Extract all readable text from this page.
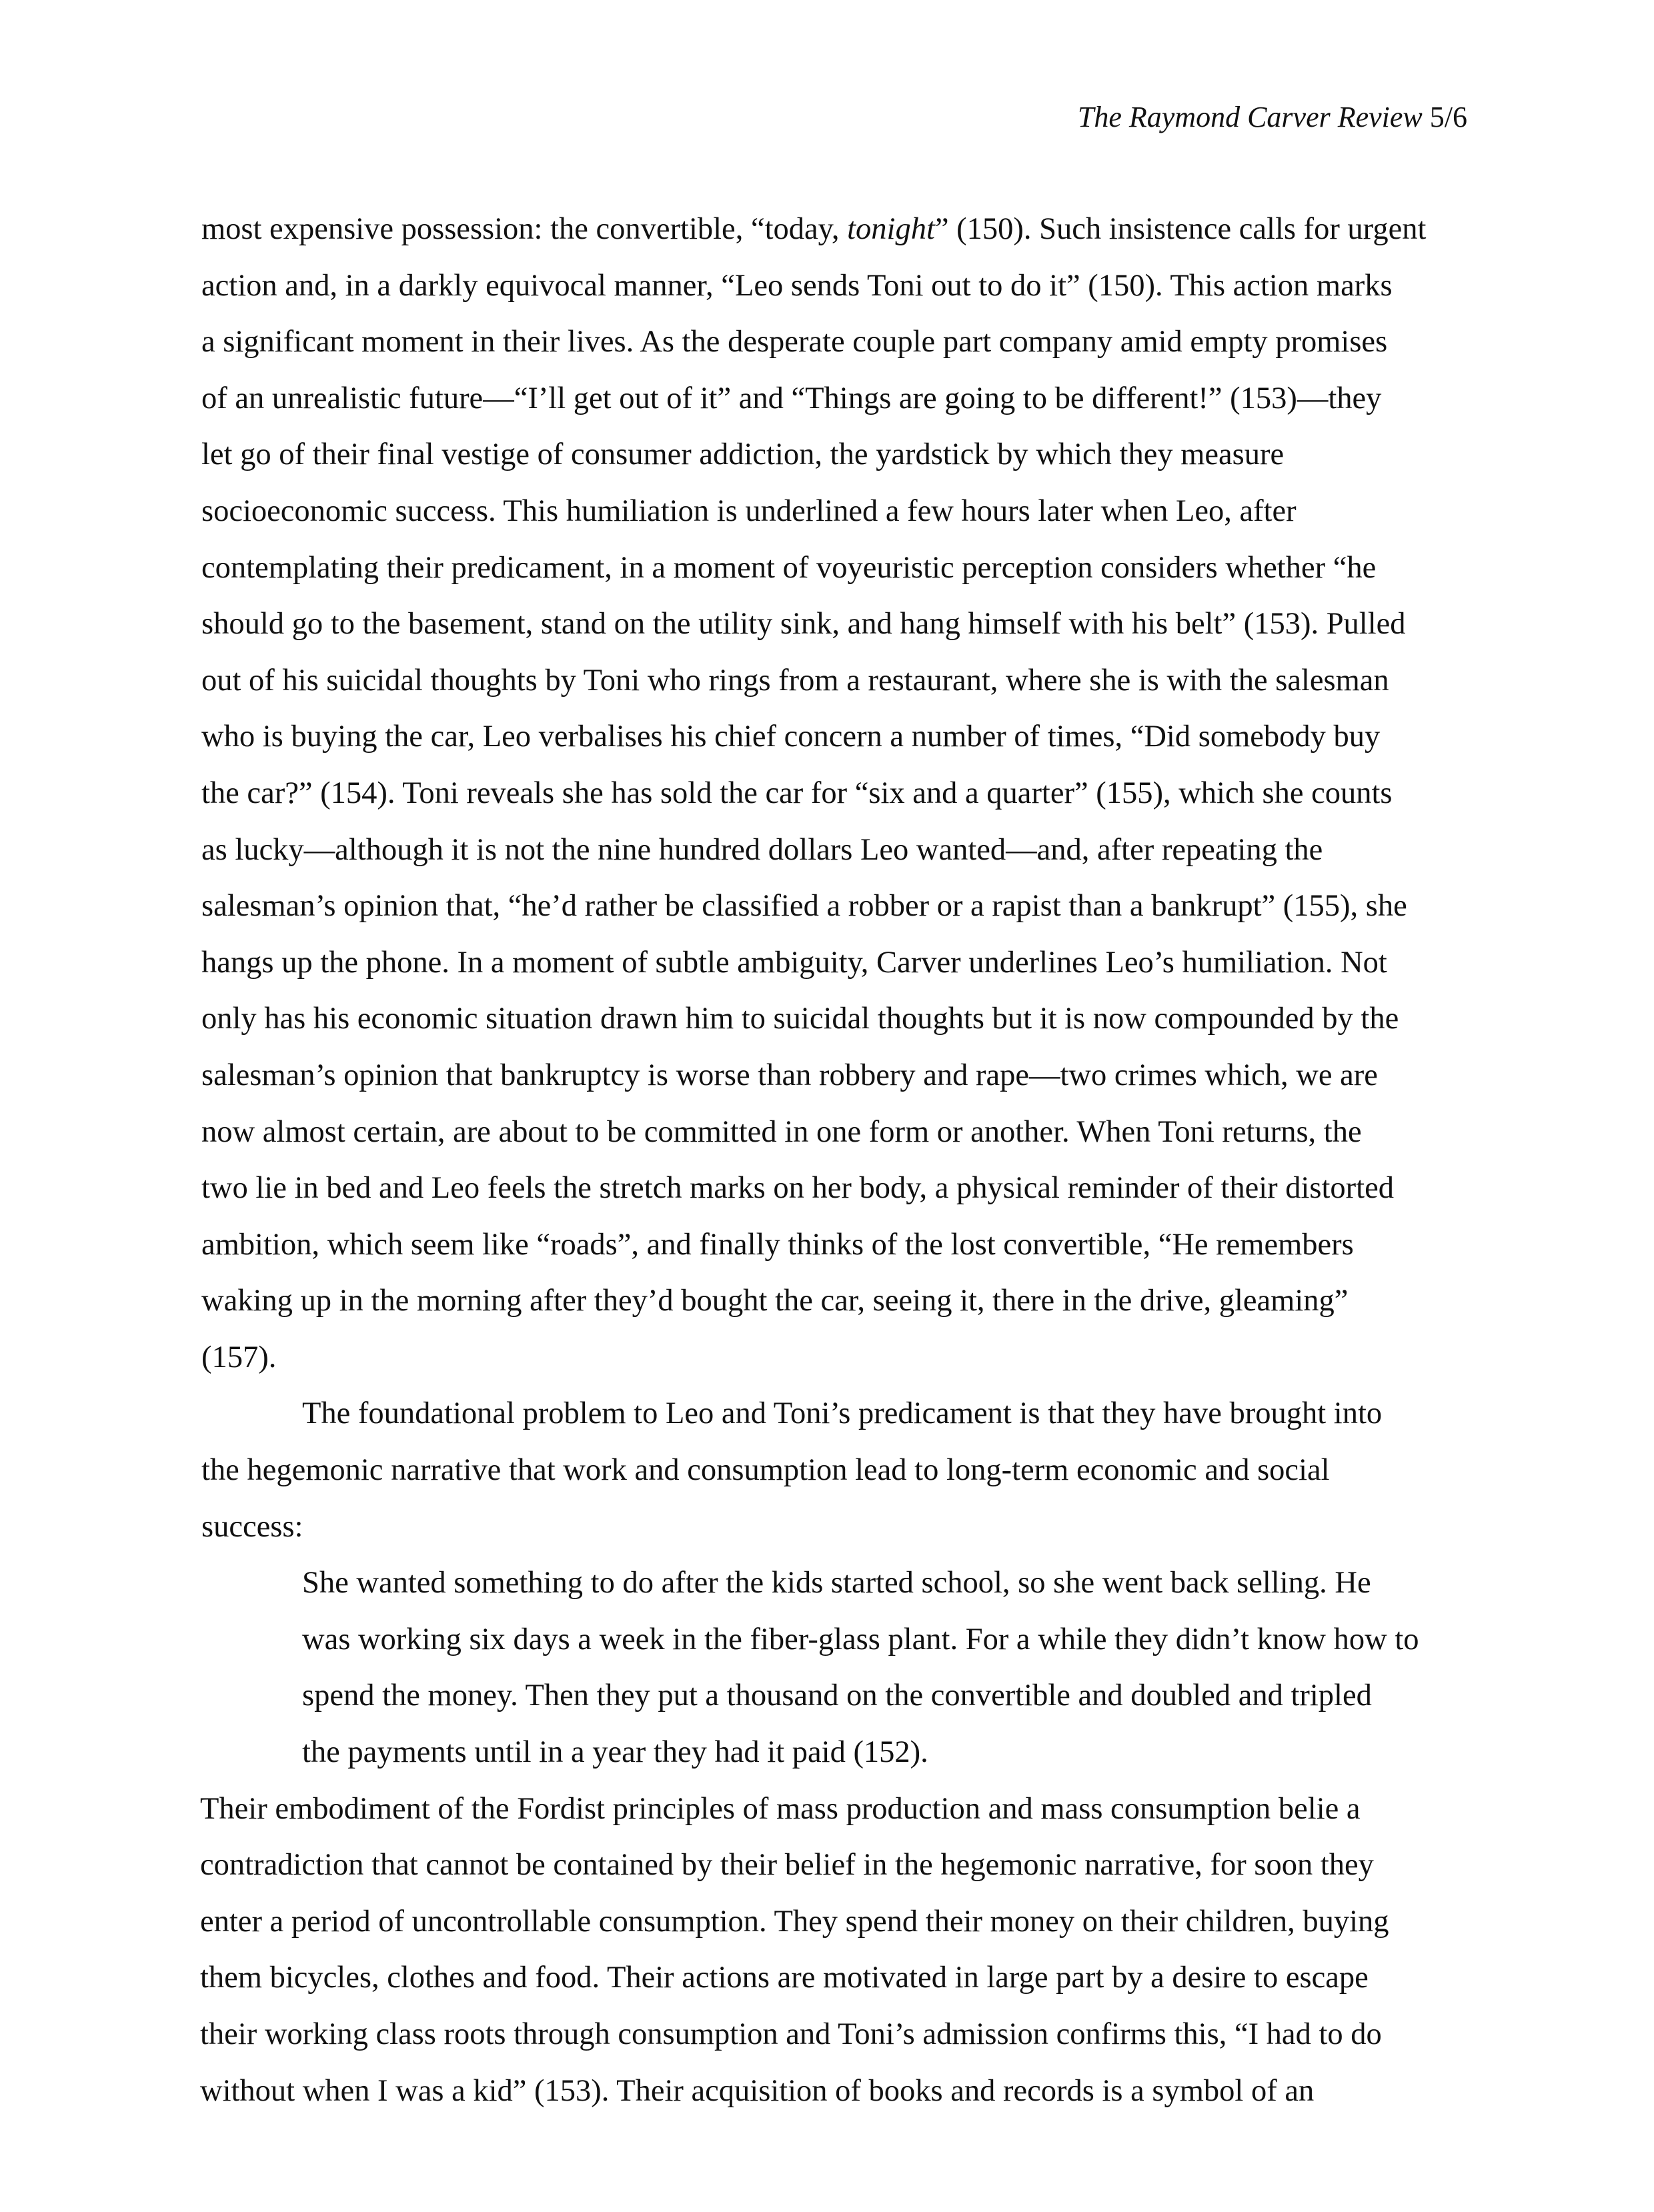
The Raymond Carver Review 5/6
most expensive possession: the convertible, “today, tonight” (150). Such insistence calls for urgent
action and, in a darkly equivocal manner, “Leo sends Toni out to do it” (150). This action marks
a significant moment in their lives. As the desperate couple part company amid empty promises
of an unrealistic future—“I’ll get out of it” and “Things are going to be different!” (153)—they
let go of their final vestige of consumer addiction, the yardstick by which they measure
socioeconomic success. This humiliation is underlined a few hours later when Leo, after
contemplating their predicament, in a moment of voyeuristic perception considers whether “he
should go to the basement, stand on the utility sink, and hang himself with his belt” (153). Pulled
out of his suicidal thoughts by Toni who rings from a restaurant, where she is with the salesman
who is buying the car, Leo verbalises his chief concern a number of times, “Did somebody buy
the car?” (154). Toni reveals she has sold the car for “six and a quarter” (155), which she counts
as lucky—although it is not the nine hundred dollars Leo wanted—and, after repeating the
salesman’s opinion that, “he’d rather be classified a robber or a rapist than a bankrupt” (155), she
hangs up the phone. In a moment of subtle ambiguity, Carver underlines Leo’s humiliation. Not
only has his economic situation drawn him to suicidal thoughts but it is now compounded by the
salesman’s opinion that bankruptcy is worse than robbery and rape—two crimes which, we are
now almost certain, are about to be committed in one form or another. When Toni returns, the
two lie in bed and Leo feels the stretch marks on her body, a physical reminder of their distorted
ambition, which seem like “roads”, and finally thinks of the lost convertible, “He remembers
waking up in the morning after they’d bought the car, seeing it, there in the drive, gleaming”
(157).
The foundational problem to Leo and Toni’s predicament is that they have brought into
the hegemonic narrative that work and consumption lead to long-term economic and social
success:
She wanted something to do after the kids started school, so she went back selling. He
was working six days a week in the fiber-glass plant. For a while they didn’t know how to
spend the money. Then they put a thousand on the convertible and doubled and tripled
the payments until in a year they had it paid (152).
Their embodiment of the Fordist principles of mass production and mass consumption belie a
contradiction that cannot be contained by their belief in the hegemonic narrative, for soon they
enter a period of uncontrollable consumption. They spend their money on their children, buying
them bicycles, clothes and food. Their actions are motivated in large part by a desire to escape
their working class roots through consumption and Toni’s admission confirms this, “I had to do
without when I was a kid” (153). Their acquisition of books and records is a symbol of an
